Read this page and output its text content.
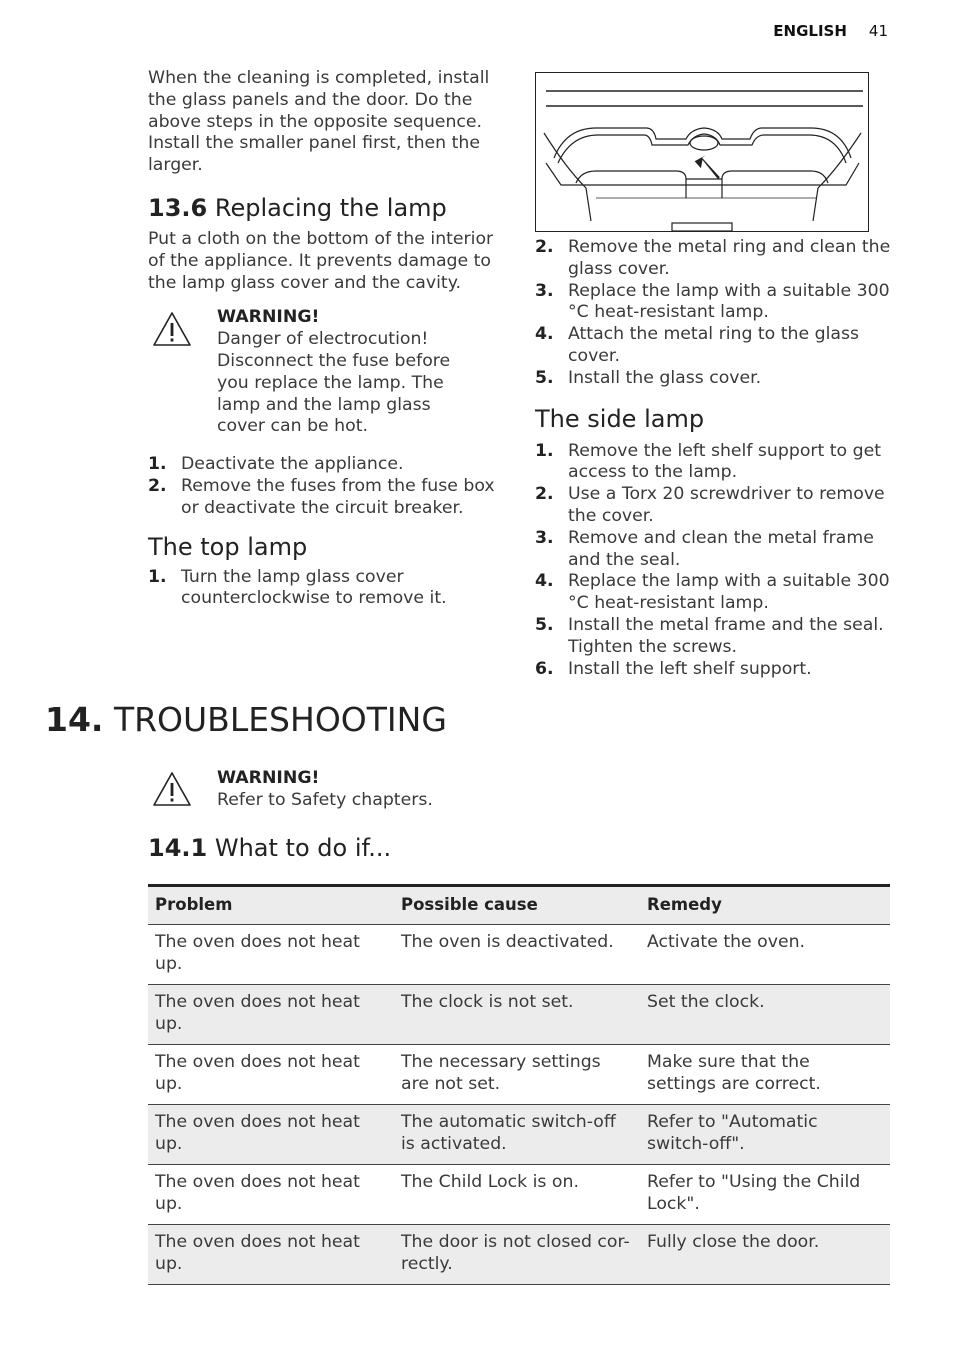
ENGLISH 41

When the cleaning is completed, install the glass panels and the door. Do the above steps in the opposite sequence. Install the smaller panel first, then the larger.

13.6 Replacing the lamp

Put a cloth on the bottom of the interior of the appliance. It prevents damage to the lamp glass cover and the cavity.

WARNING!
Danger of electrocution! Disconnect the fuse before you replace the lamp. The lamp and the lamp glass cover can be hot.
1. Deactivate the appliance.
2. Remove the fuses from the fuse box or deactivate the circuit breaker.
The top lamp
1. Turn the lamp glass cover counterclockwise to remove it.
2. Remove the metal ring and clean the glass cover.
3. Replace the lamp with a suitable 300 °C heat-resistant lamp.
4. Attach the metal ring to the glass cover.
5. Install the glass cover.
The side lamp
1. Remove the left shelf support to get access to the lamp.
2. Use a Torx 20 screwdriver to remove the cover.
3. Remove and clean the metal frame and the seal.
4. Replace the lamp with a suitable 300 °C heat-resistant lamp.
5. Install the metal frame and the seal. Tighten the screws.
6. Install the left shelf support.
14. TROUBLESHOOTING
WARNING!
Refer to Safety chapters.
14.1 What to do if...
Problem	Possible cause	Remedy
The oven does not heat up.	The oven is deactivated.	Activate the oven.
The oven does not heat up.	The clock is not set.	Set the clock.
The oven does not heat up.	The necessary settings are not set.	Make sure that the settings are correct.
The oven does not heat up.	The automatic switch-off is activated.	Refer to "Automatic switch-off".
The oven does not heat up.	The Child Lock is on.	Refer to "Using the Child Lock".
The oven does not heat up.	The door is not closed cor-rectly.	Fully close the door.
